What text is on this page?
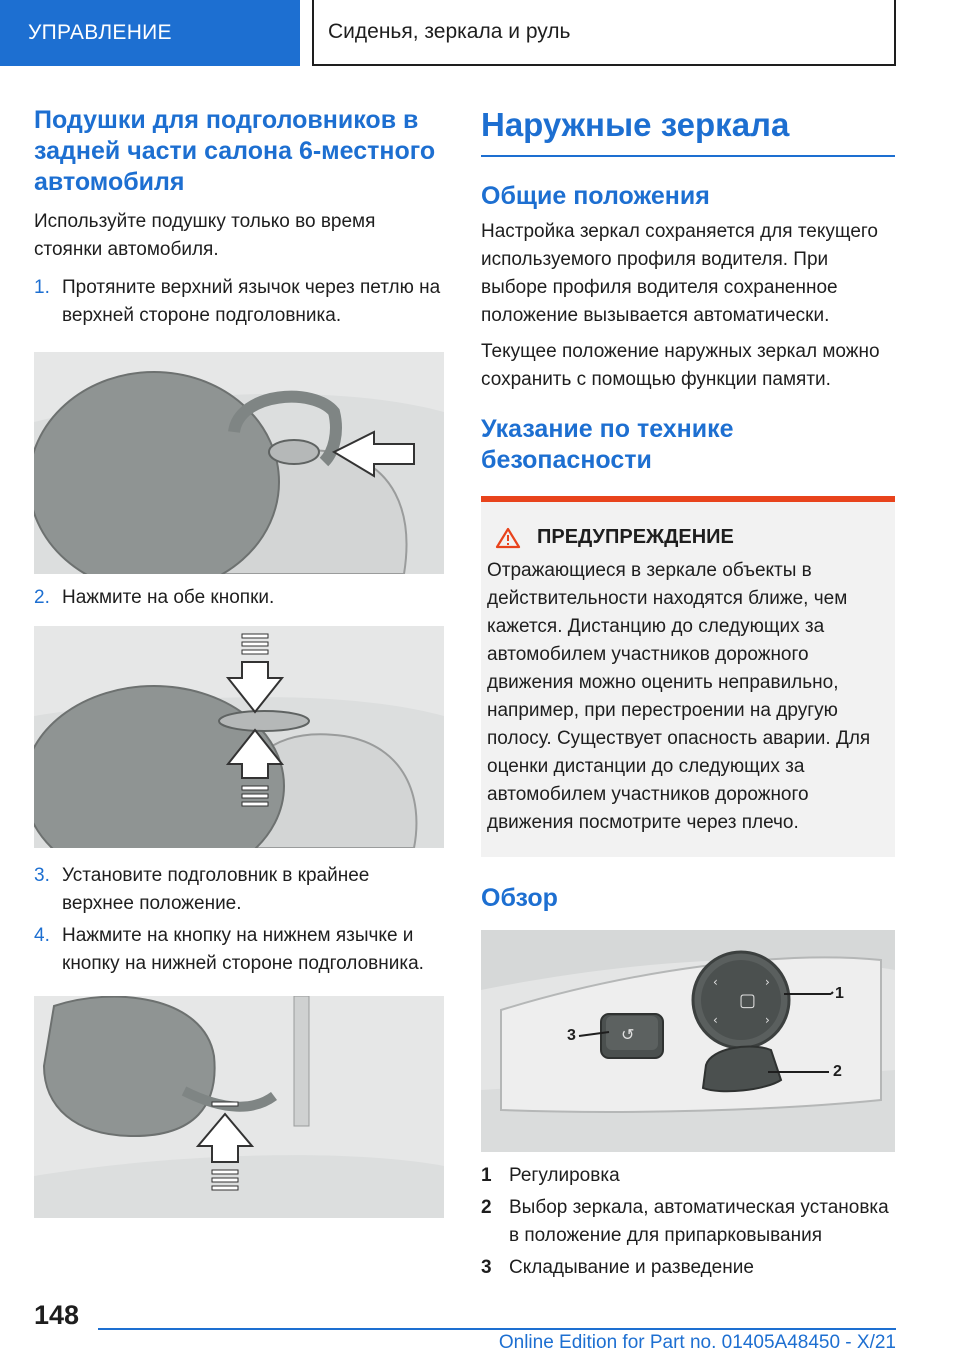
УПРАВЛЕНИЕ	Сиденья, зеркала и руль
Подушки для подголовников в задней части салона 6-местного автомобиля

Используйте подушку только во время стоянки автомобиля.

1. Протяните верхний язычок через петлю на верхней стороне подголовника.
2. Нажмите на обе кнопки.
3. Установите подголовник в крайнее верхнее положение.
4. Нажмите на кнопку на нижнем язычке и кнопку на нижней стороне подголовника.
Наружные зеркала
Общие положения

Настройка зеркал сохраняется для текущего используемого профиля водителя. При выборе профиля водителя сохраненное положение вызывается автоматически.

Текущее положение наружных зеркал можно сохранить с помощью функции памяти.

Указание по технике безопасности
ПРЕДУПРЕЖДЕНИЕ

Отражающиеся в зеркале объекты в действительности находятся ближе, чем кажется. Дистанцию до следующих за автомобилем участников дорожного движения можно оценить неправильно, например, при перестроении на другую полосу. Существует опасность аварии. Для оценки дистанции до следующих за автомобилем участников дорожного движения посмотрите через плечо.

Обзор
▢
‹	›
‹	›
↺
1
2
3
1 Регулировка
2 Выбор зеркала, автоматическая установка в положение для припарковывания
3 Складывание и разведение
148
Online Edition for Part no. 01405A48450 - X/21
